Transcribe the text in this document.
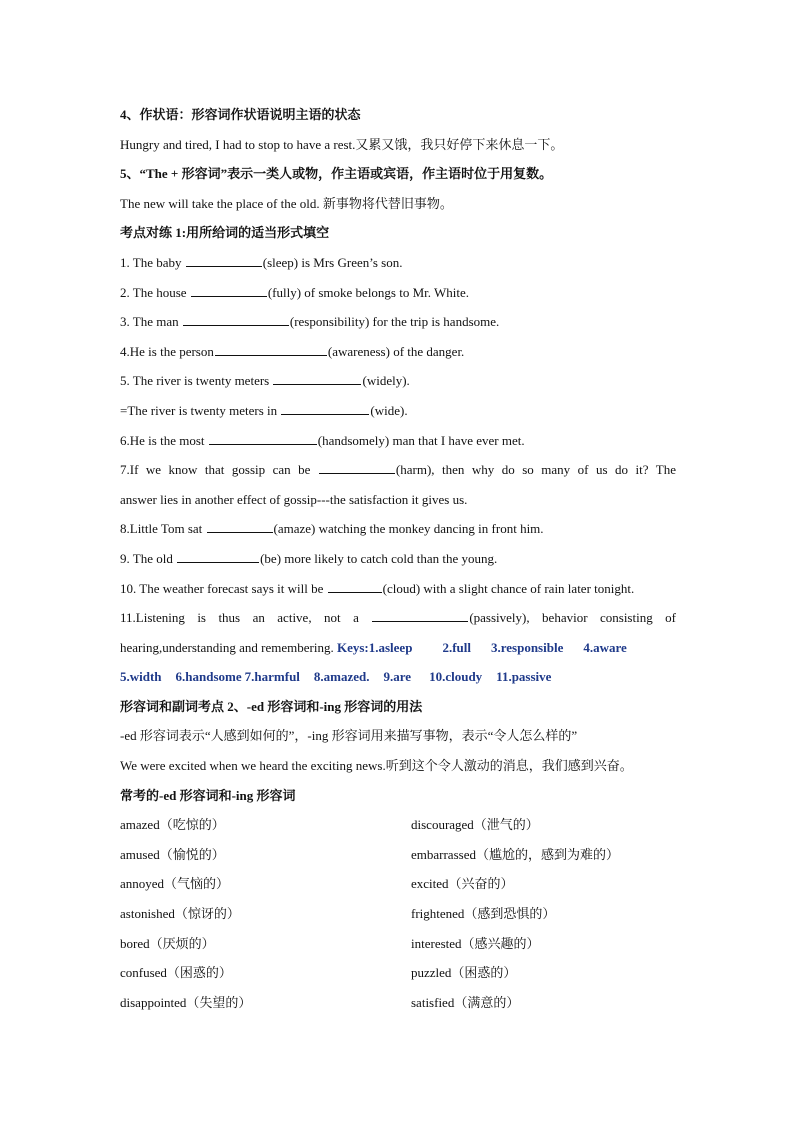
4、作状语：形容词作状语说明主语的状态
Hungry and tired, I had to stop to have a rest.又累又饿，我只好停下来休息一下。
5、“The + 形容词”表示一类人或物，作主语或宾语，作主语时位于用复数。
The new will take the place of the old. 新事物将代替旧事物。
考点对练 1:用所给词的适当形式填空
1. The baby	(sleep) is Mrs Green’s son.
2. The house	(fully) of smoke belongs to Mr. White.
3. The man	(responsibility) for the trip is handsome.
4.He is the person	(awareness) of the danger.
5. The river is twenty meters	(widely).
=The river is twenty meters in	(wide).
6.He is the most	(handsomely) man that I have ever met.
7.If we know that gossip can be	(harm), then why do so many of us do it? The
answer lies in another effect of gossip---the satisfaction it gives us.
8.Little Tom sat	(amaze) watching the monkey dancing in front him.
9. The old	(be) more likely to catch cold than the young.
10. The weather forecast says it will be	(cloud) with a slight chance of rain later tonight.
11.Listening is thus an active, not a	(passively), behavior consisting of
hearing,understanding and remembering. Keys:1.asleep 2.full 3.responsible 4.aware
5.width 6.handsome 7.harmful 8.amazed. 9.are 10.cloudy 11.passive
形容词和副词考点 2、-ed 形容词和-ing 形容词的用法
-ed 形容词表示“人感到如何的”，-ing 形容词用来描写事物，表示“令人怎么样的”
We were excited when we heard the exciting news.听到这个令人激动的消息，我们感到兴奋。
常考的-ed 形容词和-ing 形容词
amazed（吃惊的）	discouraged（泄气的）
amused（愉悦的）	embarrassed（尴尬的，感到为难的）
annoyed（气恼的）	excited（兴奋的）
astonished（惊讶的）	frightened（感到恐惧的）
bored（厌烦的）	interested（感兴趣的）
confused（困惑的）	puzzled（困惑的）
disappointed（失望的）	satisfied（满意的）
